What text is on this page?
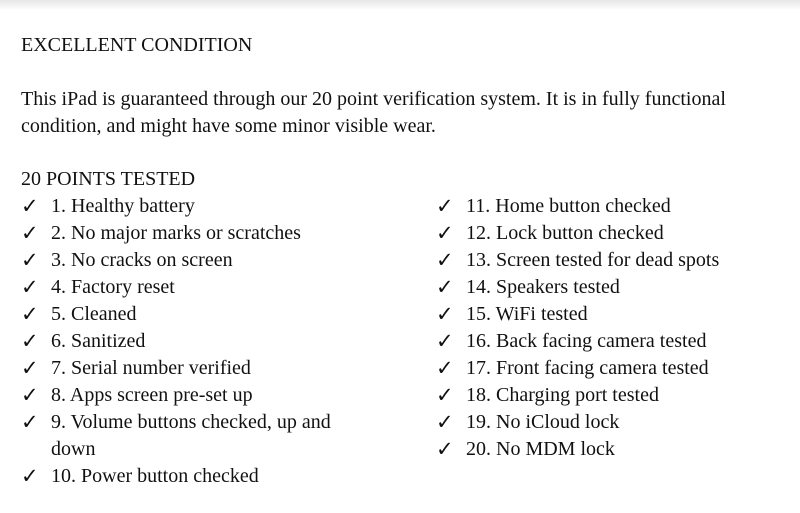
EXCELLENT CONDITION
This iPad is guaranteed through our 20 point verification system. It is in fully functional
condition, and might have some minor visible wear.
20 POINTS TESTED
✓ 1. Healthy battery
✓ 2. No major marks or scratches
✓ 3. No cracks on screen
✓ 4. Factory reset
✓ 5. Cleaned
✓ 6. Sanitized
✓ 7. Serial number verified
✓ 8. Apps screen pre-set up
✓ 9. Volume buttons checked, up and down
✓ 10. Power button checked
✓ 11. Home button checked
✓ 12. Lock button checked
✓ 13. Screen tested for dead spots
✓ 14. Speakers tested
✓ 15. WiFi tested
✓ 16. Back facing camera tested
✓ 17. Front facing camera tested
✓ 18. Charging port tested
✓ 19. No iCloud lock
✓ 20. No MDM lock
